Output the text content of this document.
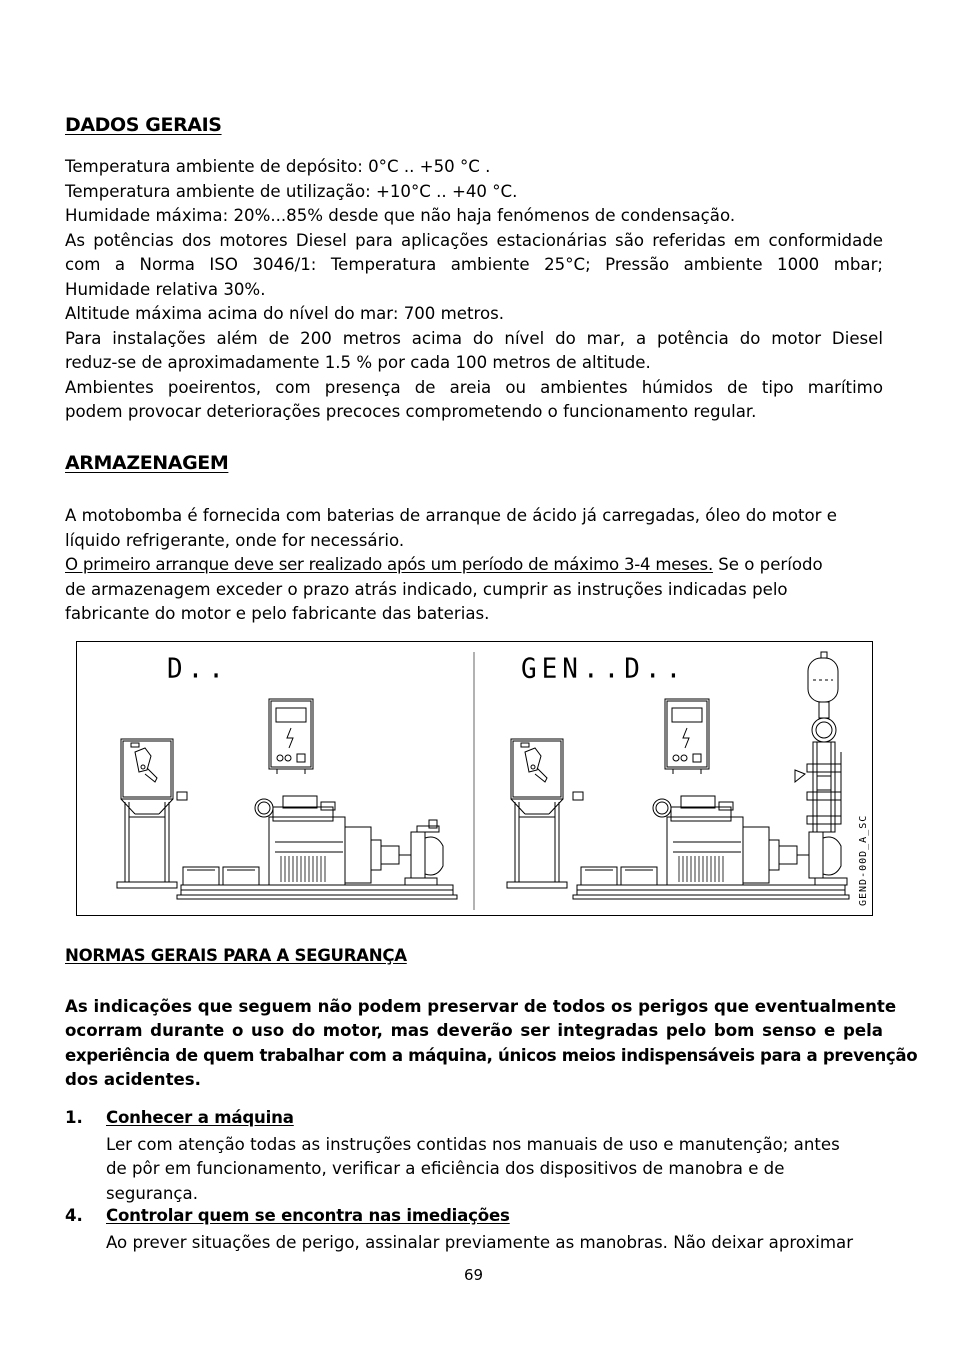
DADOS GERAIS
Temperatura ambiente de depósito: 0°C .. +50 °C .
Temperatura ambiente de utilização: +10°C .. +40 °C.
Humidade máxima: 20%...85% desde que não haja fenómenos de condensação.
As potências dos motores Diesel para aplicações estacionárias são referidas em conformidade
com a Norma ISO 3046/1: Temperatura ambiente 25°C; Pressão ambiente 1000 mbar;
Humidade relativa 30%.
Altitude máxima acima do nível do mar: 700 metros.
Para instalações além de 200 metros acima do nível do mar, a potência do motor Diesel
reduz-se de aproximadamente 1.5 % por cada 100 metros de altitude.
Ambientes poeirentos, com presença de areia ou ambientes húmidos de tipo marítimo
podem provocar deteriorações precoces comprometendo o funcionamento regular.
ARMAZENAGEM
A motobomba é fornecida com baterias de arranque de ácido já carregadas, óleo do motor e
líquido refrigerante, onde for necessário.
O primeiro arranque deve ser realizado após um período de máximo 3-4 meses. Se o período
de armazenagem exceder o prazo atrás indicado, cumprir as instruções indicadas pelo
fabricante do motor e pelo fabricante das baterias.
D..	GEN..D..
GEND-00D_A_SC
NORMAS GERAIS PARA A SEGURANÇA
As indicações que seguem não podem preservar de todos os perigos que eventualmente
ocorram durante o uso do motor, mas deverão ser integradas pelo bom senso e pela
experiência de quem trabalhar com a máquina, únicos meios indispensáveis para a prevenção
dos acidentes.
1. Conhecer a máquina
Ler com atenção todas as instruções contidas nos manuais de uso e manutenção; antes
de pôr em funcionamento, verificar a eficiência dos dispositivos de manobra e de
segurança.
4. Controlar quem se encontra nas imediações
Ao prever situações de perigo, assinalar previamente as manobras. Não deixar aproximar
69
